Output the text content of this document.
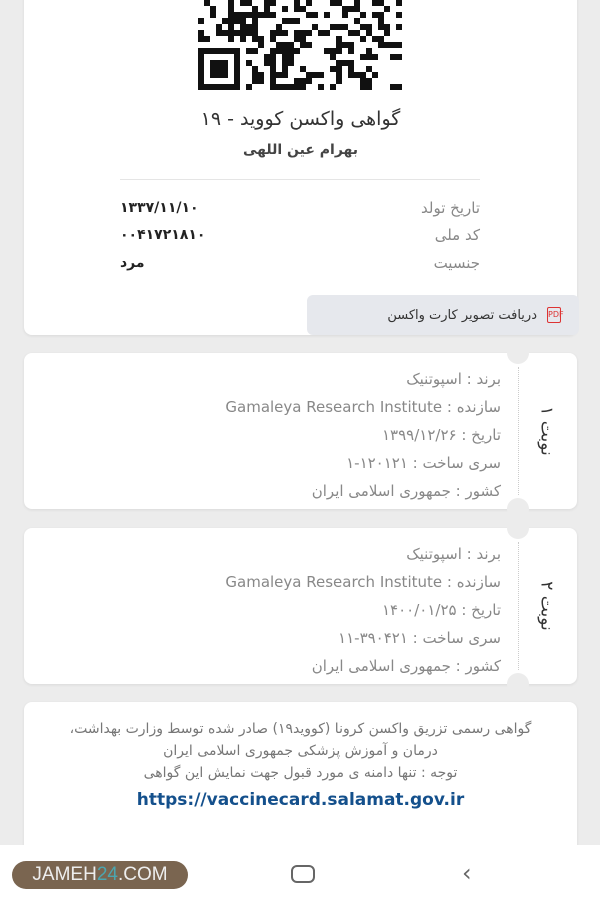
گواهی واکسن کووید - ۱۹
بهرام عین اللهی
تاریخ تولد
۱۳۳۷/۱۱/۱۰
کد ملی
۰۰۴۱۷۲۱۸۱۰
جنسیت
مرد
دریافت تصویر کارت واکسن PDF
برند : اسپوتنیک
سازنده : Gamaleya Research Institute
تاریخ : ۱۳۹۹/۱۲/۲۶
سری ساخت : ۱۲۰۱۲۱-۱
کشور : جمهوری اسلامی ایران
نوبت ۱
برند : اسپوتنیک
سازنده : Gamaleya Research Institute
تاریخ : ۱۴۰۰/۰۱/۲۵
سری ساخت : ۳۹۰۴۲۱-۱۱
کشور : جمهوری اسلامی ایران
نوبت ۲

گواهی رسمی تزریق واکسن کرونا (کووید۱۹) صادر شده توسط وزارت بهداشت، درمان و آموزش پزشکی جمهوری اسلامی ایران

توجه : تنها دامنه ی مورد قبول جهت نمایش این گواهی

https://vaccinecard.salamat.gov.ir
JAMEH24.COM	‹
